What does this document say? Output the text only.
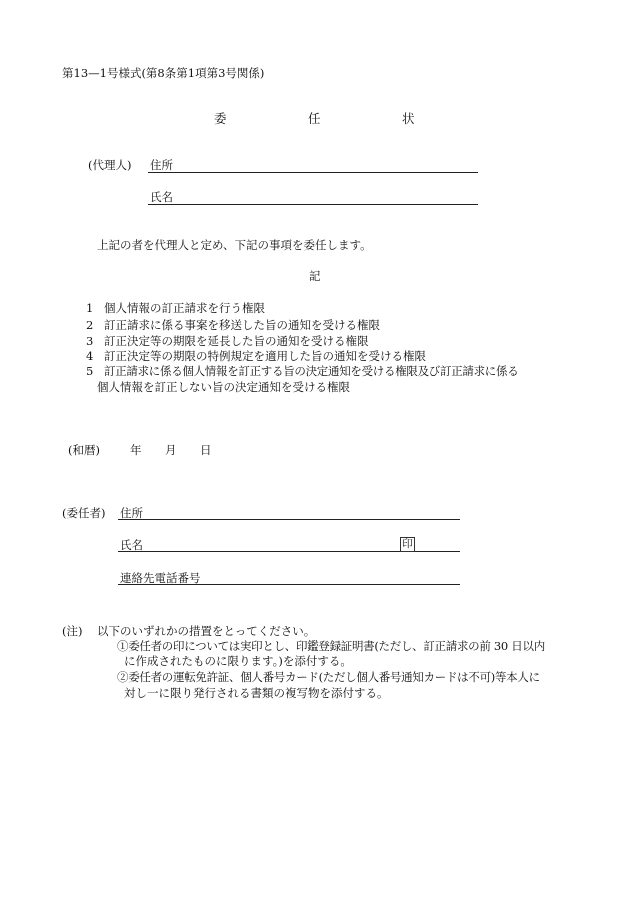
第13—1号様式(第8条第1項第3号関係)
委	任	状
(代理人) 住所
氏名
上記の者を代理人と定め、下記の事項を委任します。
記
1 個人情報の訂正請求を行う権限
2 訂正請求に係る事案を移送した旨の通知を受ける権限
3 訂正決定等の期限を延長した旨の通知を受ける権限
4 訂正決定等の期限の特例規定を適用した旨の通知を受ける権限
5 訂正請求に係る個人情報を訂正する旨の決定通知を受ける権限及び訂正請求に係る
個人情報を訂正しない旨の決定通知を受ける権限
(和暦)	年 月 日
(委任者) 住所
氏名	印
連絡先電話番号
(注) 以下のいずれかの措置をとってください。
①委任者の印については実印とし、印鑑登録証明書(ただし、訂正請求の前 30 日以内
に作成されたものに限ります。)を添付する。
②委任者の運転免許証、個人番号カード(ただし個人番号通知カードは不可)等本人に
対し一に限り発行される書類の複写物を添付する。
